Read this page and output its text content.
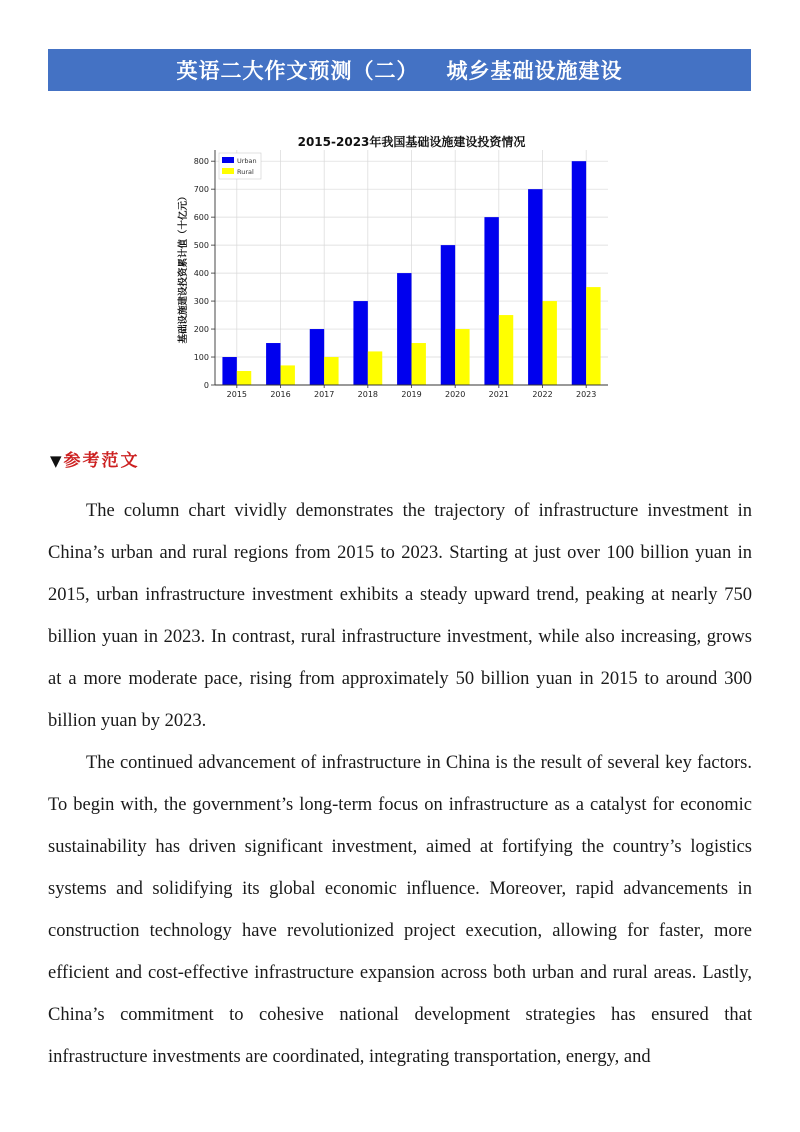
英语二大作文预测（二） 城乡基础设施建设
2015-2023年我国基础设施建设投资情况
0
100
200
300
400
500
600
700
800
2015	2016	2017	2018	2019	2020	2021	2022	2023
基础设施建设投资累计值（十亿元）
Urban
Rural
▼ 参考范文

The column chart vividly demonstrates the trajectory of infrastructure investment in China’s urban and rural regions from 2015 to 2023. Starting at just over 100 billion yuan in 2015, urban infrastructure investment exhibits a steady upward trend, peaking at nearly 750 billion yuan in 2023. In contrast, rural infrastructure investment, while also increasing, grows at a more moderate pace, rising from approximately 50 billion yuan in 2015 to around 300 billion yuan by 2023.

The continued advancement of infrastructure in China is the result of several key factors. To begin with, the government’s long-term focus on infrastructure as a catalyst for economic sustainability has driven significant investment, aimed at fortifying the country’s logistics systems and solidifying its global economic influence. Moreover, rapid advancements in construction technology have revolutionized project execution, allowing for faster, more efficient and cost-effective infrastructure expansion across both urban and rural areas. Lastly, China’s commitment to cohesive national development strategies has ensured that infrastructure investments are coordinated, integrating transportation, energy, and
